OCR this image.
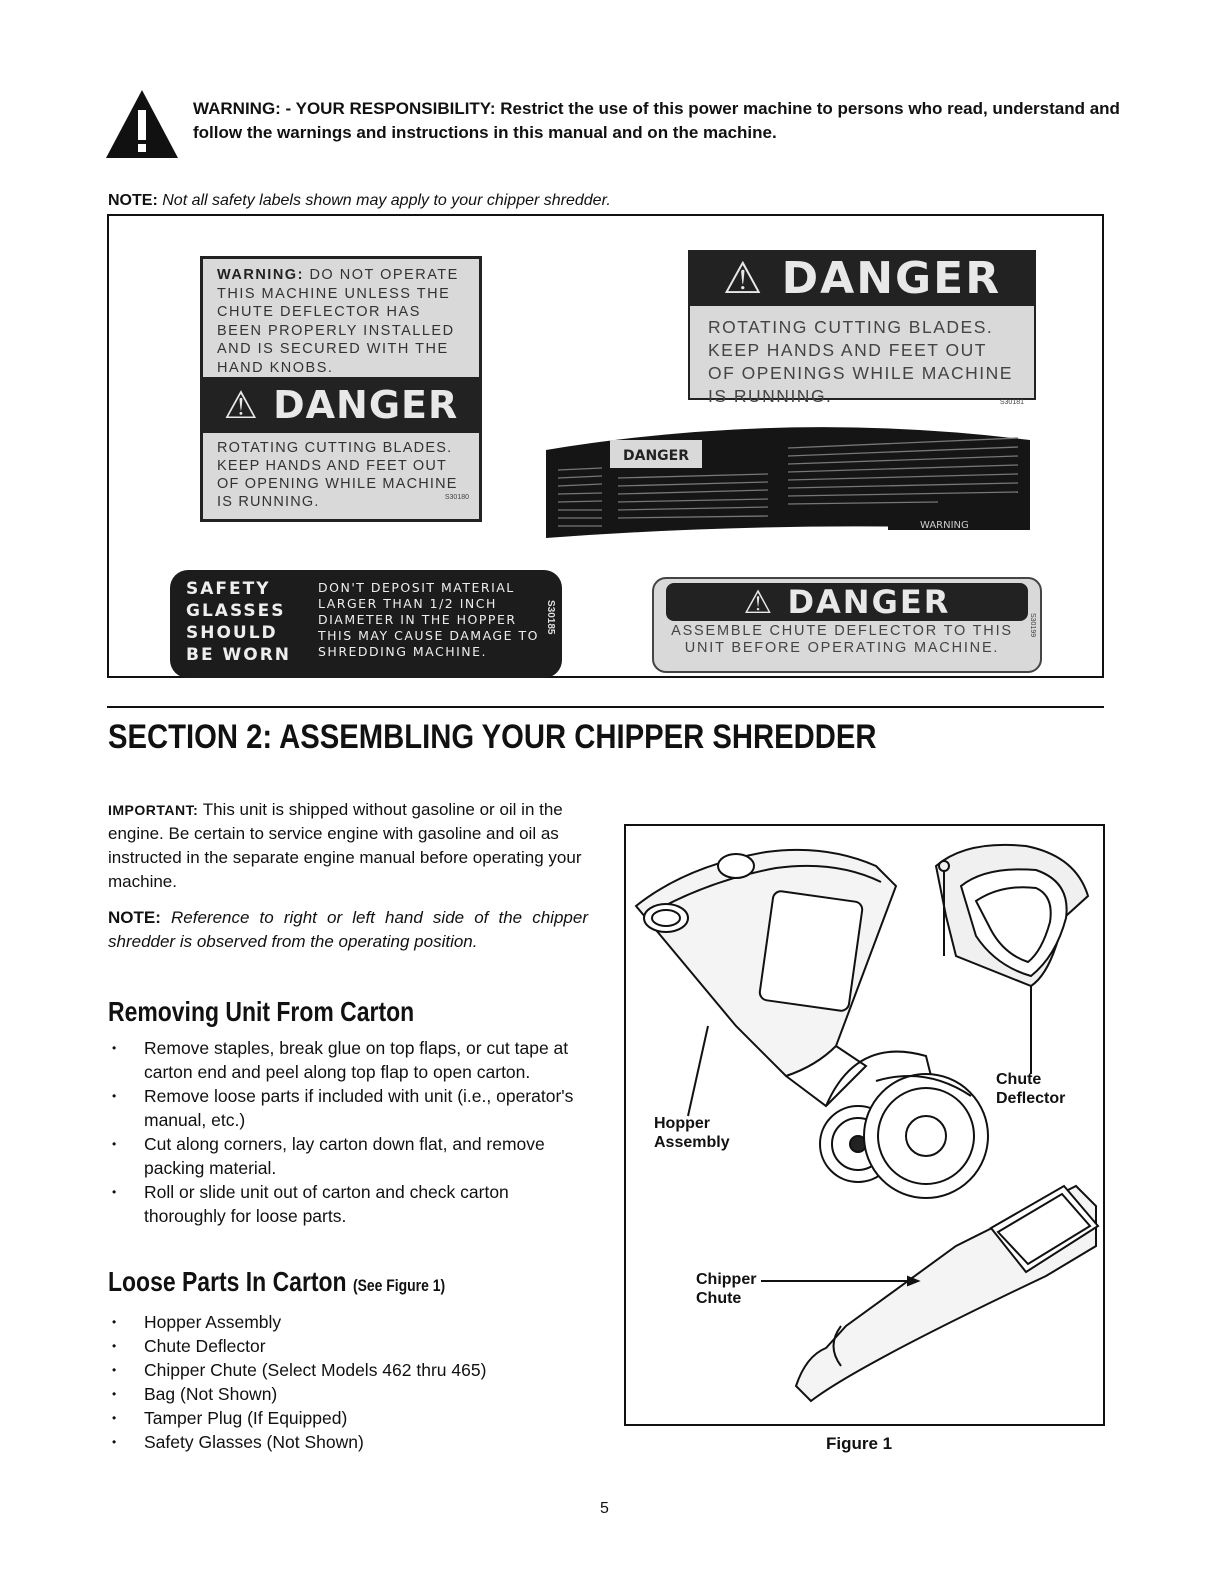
WARNING: - YOUR RESPONSIBILITY: Restrict the use of this power machine to persons who read, understand and follow the warnings and instructions in this manual and on the machine.
NOTE: Not all safety labels shown may apply to your chipper shredder.
WARNING: DO NOT OPERATE THIS MACHINE UNLESS THE CHUTE DEFLECTOR HAS BEEN PROPERLY INSTALLED AND IS SECURED WITH THE HAND KNOBS.
⚠ DANGER
ROTATING CUTTING BLADES. KEEP HANDS AND FEET OUT OF OPENING WHILE MACHINE IS RUNNING.	S30180
⚠ DANGER
ROTATING CUTTING BLADES. KEEP HANDS AND FEET OUT OF OPENINGS WHILE MACHINE IS RUNNING.	S30181
DANGER
WARNING
SAFETY GLASSES SHOULD BE WORN
DON'T DEPOSIT MATERIAL LARGER THAN 1/2 INCH DIAMETER IN THE HOPPER THIS MAY CAUSE DAMAGE TO SHREDDING MACHINE.
S30185	⚠ DANGER
ASSEMBLE CHUTE DEFLECTOR TO THIS UNIT BEFORE OPERATING MACHINE.
S30199
SECTION 2: ASSEMBLING YOUR CHIPPER SHREDDER
IMPORTANT: This unit is shipped without gasoline or oil in the engine. Be certain to service engine with gasoline and oil as instructed in the separate engine manual before operating your machine.
NOTE: Reference to right or left hand side of the chipper shredder is observed from the operating position.
Removing Unit From Carton
• Remove staples, break glue on top flaps, or cut tape at carton end and peel along top flap to open carton.
• Remove loose parts if included with unit (i.e., operator's manual, etc.)
• Cut along corners, lay carton down flat, and remove packing material.
• Roll or slide unit out of carton and check carton thoroughly for loose parts.
Loose Parts In Carton (See Figure 1)
• Hopper Assembly
• Chute Deflector
• Chipper Chute (Select Models 462 thru 465)
• Bag (Not Shown)
• Tamper Plug (If Equipped)
• Safety Glasses (Not Shown)
Chute
Deflector
Hopper
Assembly
Chipper
Chute
Figure 1
5
